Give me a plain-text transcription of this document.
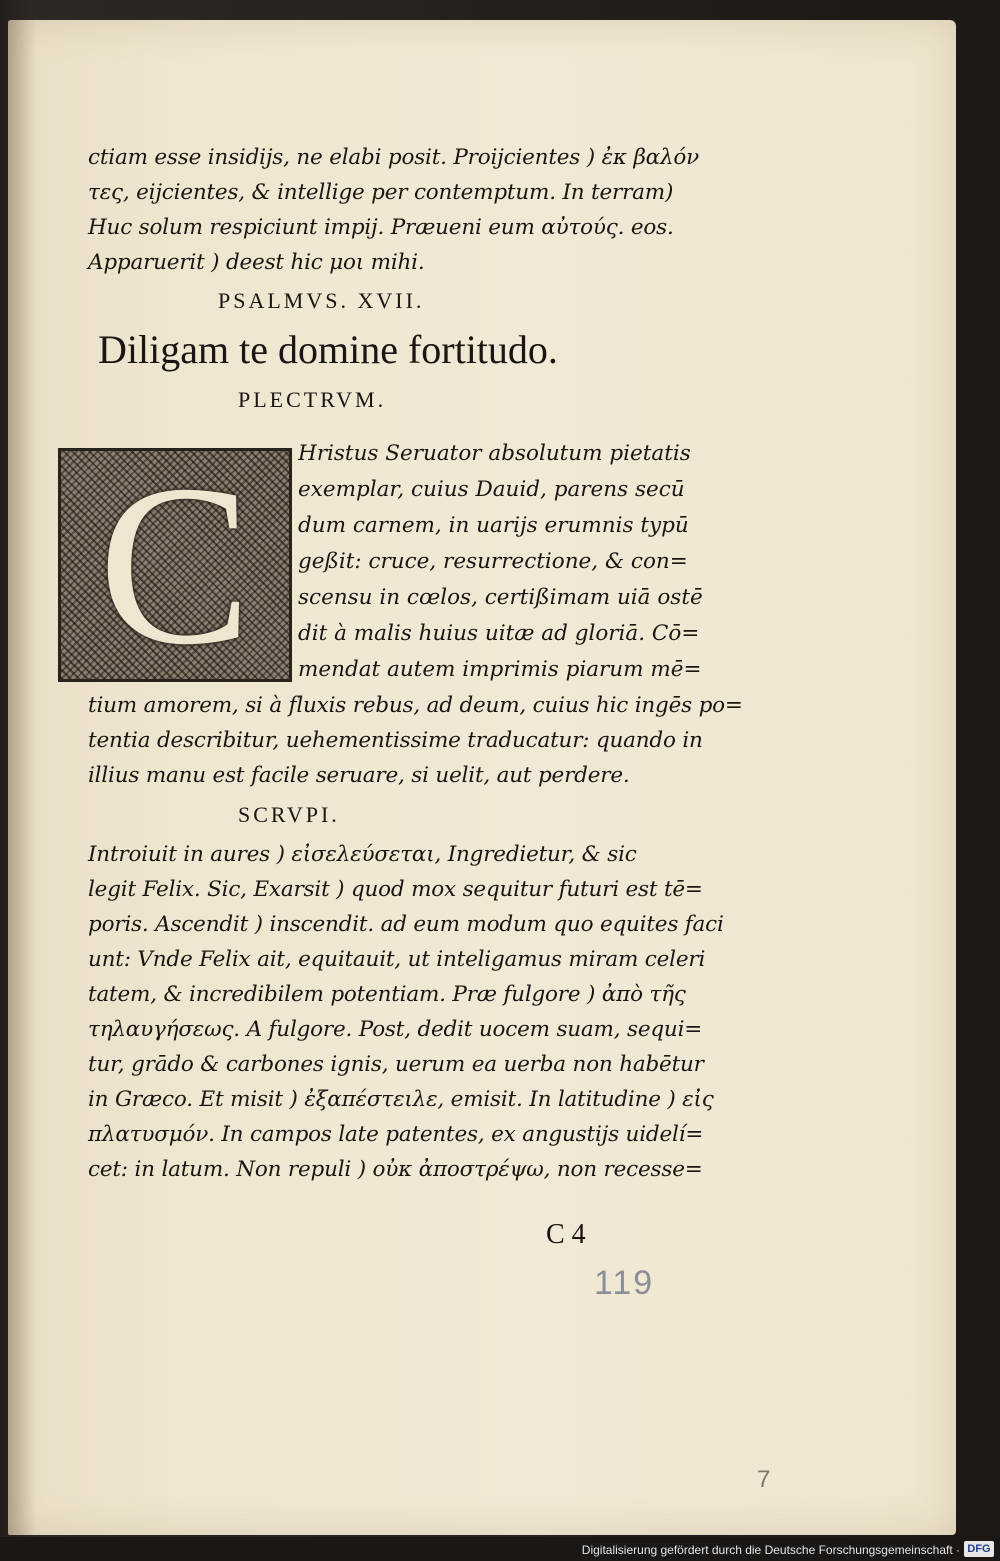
ctiam esse insidijs, ne elabi posit. Proijcientes ) ἐκ βαλόν
τες, eijcientes, & intellige per contemptum. In terram)
Huc solum respiciunt impij. Præueni eum αὐτούς. eos.
Apparuerit ) deest hic μοι mihi.
PSALMVS. XVII.
Diligam te domine fortitudo.
PLECTRVM.
C	Hristus Seruator absolutum pietatis
exemplar, cuius Dauid, parens secū
dum carnem, in uarijs erumnis typū
geßit: cruce, resurrectione, & con=
scensu in cœlos, certißimam uiā ostē
dit à malis huius uitæ ad gloriā. Cō=
mendat autem imprimis piarum mē=
tium amorem, si à fluxis rebus, ad deum, cuius hic ingēs po=
tentia describitur, uehementissime traducatur: quando in
illius manu est facile seruare, si uelit, aut perdere.
SCRVPI.
Introiuit in aures ) εἰσελεύσεται, Ingredietur, & sic
legit Felix. Sic, Exarsit ) quod mox sequitur futuri est tē=
poris. Ascendit ) inscendit. ad eum modum quo equites faci
unt: Vnde Felix ait, equitauit, ut inteligamus miram celeri
tatem, & incredibilem potentiam. Præ fulgore ) ἀπὸ τῆς
τηλαυγήσεως. A fulgore. Post, dedit uocem suam, sequi=
tur, grādo & carbones ignis, uerum ea uerba non habētur
in Græco. Et misit ) ἐξαπέστειλε, emisit. In latitudine ) εἰς
πλατυσμόν. In campos late patentes, ex angustijs uidelí=
cet: in latum. Non repuli ) οὐκ ἀποστρέψω, non recesse=
C 4
119
7
Digitalisierung gefördert durch die Deutsche Forschungsgemeinschaft · DFG
